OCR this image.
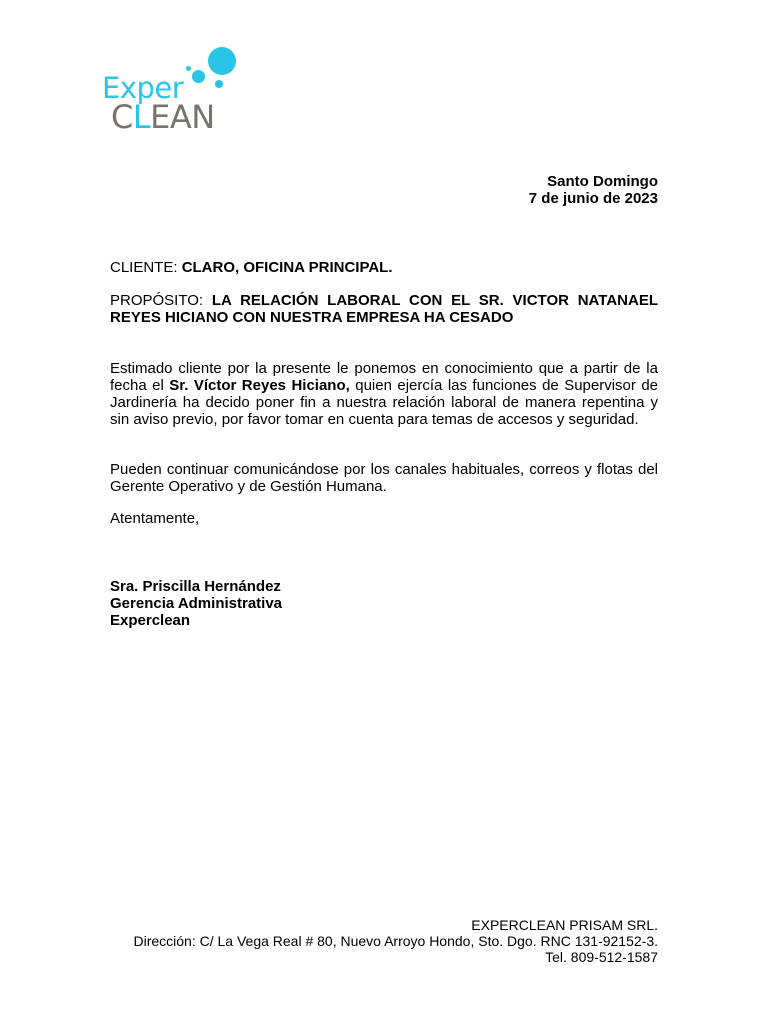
Exper
CLEAN
Santo Domingo
7 de junio de 2023
CLIENTE: CLARO, OFICINA PRINCIPAL.
PROPÓSITO: LA RELACIÓN LABORAL CON EL SR. VICTOR NATANAEL REYES HICIANO CON NUESTRA EMPRESA HA CESADO
Estimado cliente por la presente le ponemos en conocimiento que a partir de la fecha el Sr. Víctor Reyes Hiciano, quien ejercía las funciones de Supervisor de Jardinería ha decido poner fin a nuestra relación laboral de manera repentina y sin aviso previo, por favor tomar en cuenta para temas de accesos y seguridad.
Pueden continuar comunicándose por los canales habituales, correos y flotas del Gerente Operativo y de Gestión Humana.
Atentamente,
Sra. Priscilla Hernández
Gerencia Administrativa
Experclean
EXPERCLEAN PRISAM SRL.
Dirección: C/ La Vega Real # 80, Nuevo Arroyo Hondo, Sto. Dgo. RNC 131-92152-3.
Tel. 809-512-1587
